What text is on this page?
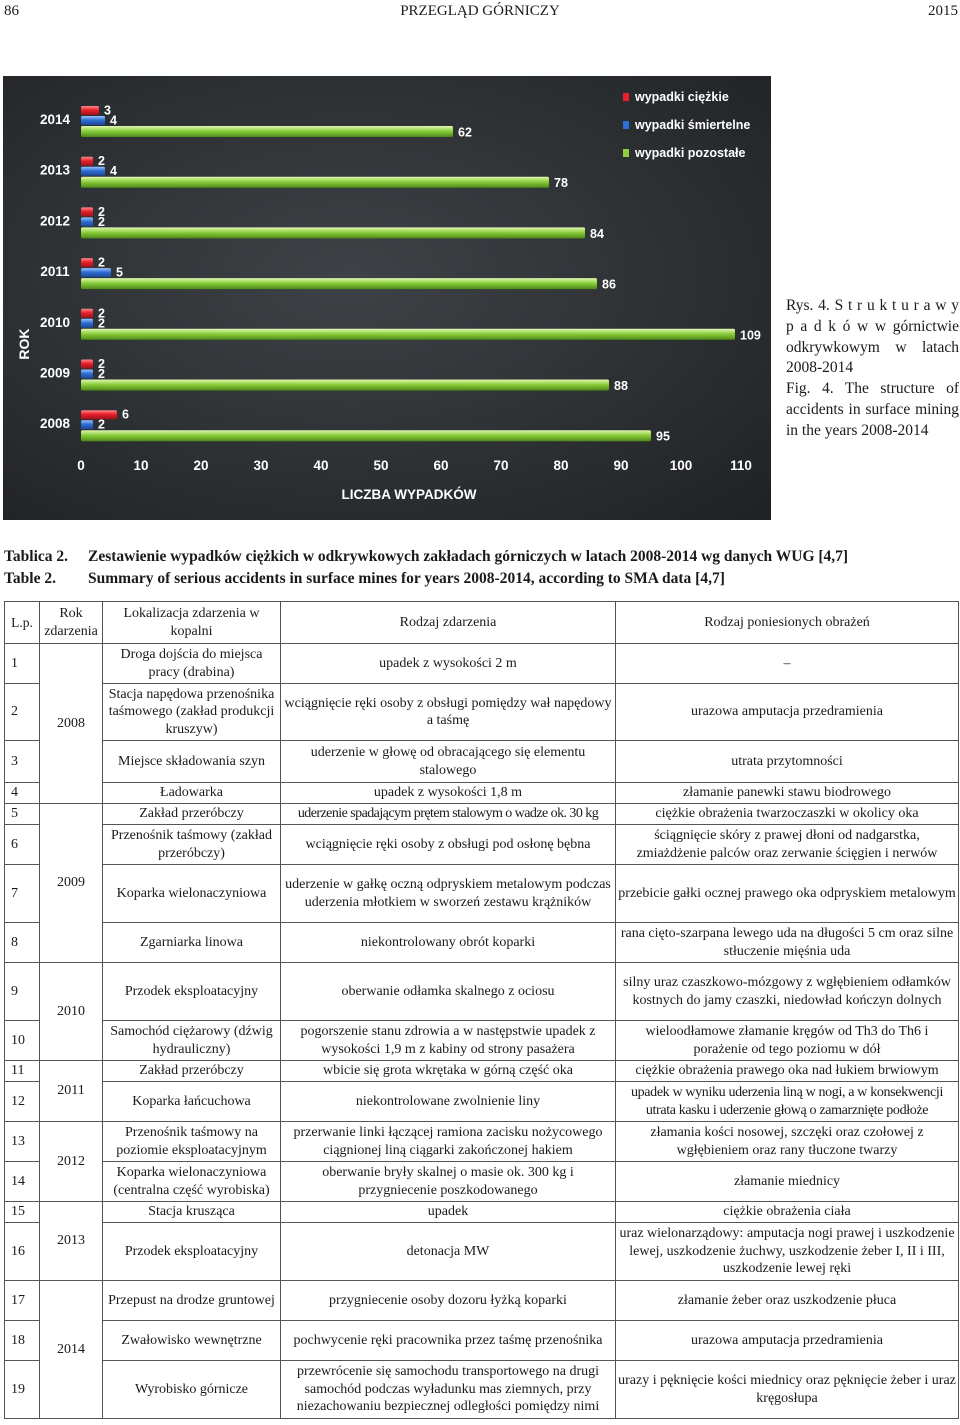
PRZEGLĄD GÓRNICZY
86	2015
2014
3
4
62
2013
2
4
78
2012
2
2
84
2011
2
5
86
2010
2
2
109
2009
2
2
88
2008
6
2
95
0	10	20	30	40	50	60	70	80	90	100	110
wypadki ciężkie
wypadki śmiertelne
wypadki pozostałe
ROK
LICZBA WYPADKÓW
Rys. 4. S t r u k t u r a w y p a d k ó w w górnictwie odkrywkowym w latach 2008-2014
Fig. 4. The structure of accidents in surface mining in the years 2008-2014
Tablica 2.	Zestawienie wypadków ciężkich w odkrywkowych zakładach górniczych w latach 2008-2014 wg danych WUG [4,7]
Table 2.	Summary of serious accidents in surface mines for years 2008-2014, according to SMA data [4,7]
L.p.	Rok zdarzenia	Lokalizacja zdarzenia w kopalni	Rodzaj zdarzenia	Rodzaj poniesionych obrażeń
1	2008	Droga dojścia do miejsca pracy (drabina)	upadek z wysokości 2 m	–
2		Stacja napędowa przenośnika taśmowego (zakład produkcji kruszyw)	wciągnięcie ręki osoby z obsługi pomiędzy wał napędowy a taśmę	urazowa amputacja przedramienia
3		Miejsce składowania szyn	uderzenie w głowę od obracającego się elementu stalowego	utrata przytomności
4		Ładowarka	upadek z wysokości 1,8 m	złamanie panewki stawu biodrowego
5	2009	Zakład przeróbczy	uderzenie spadającym prętem stalowym o wadze ok. 30 kg	ciężkie obrażenia twarzoczaszki w okolicy oka
6		Przenośnik taśmowy (zakład przeróbczy)	wciągnięcie ręki osoby z obsługi pod osłonę bębna	ściągnięcie skóry z prawej dłoni od nadgarstka, zmiażdżenie palców oraz zerwanie ścięgien i nerwów
7		Koparka wielonaczyniowa	uderzenie w gałkę oczną odpryskiem metalowym podczas uderzenia młotkiem w sworzeń zestawu krążników	przebicie gałki ocznej prawego oka odpryskiem metalowym
8		Zgarniarka linowa	niekontrolowany obrót koparki	rana cięto-szarpana lewego uda na długości 5 cm oraz silne stłuczenie mięśnia uda
9	2010	Przodek eksploatacyjny	oberwanie odłamka skalnego z ociosu	silny uraz czaszkowo-mózgowy z wgłębieniem odłamków kostnych do jamy czaszki, niedowład kończyn dolnych
10		Samochód ciężarowy (dźwig hydrauliczny)	pogorszenie stanu zdrowia a w następstwie upadek z wysokości 1,9 m z kabiny od strony pasażera	wieloodłamowe złamanie kręgów od Th3 do Th6 i porażenie od tego poziomu w dół
11	2011	Zakład przeróbczy	wbicie się grota wkrętaka w górną część oka	ciężkie obrażenia prawego oka nad łukiem brwiowym
12		Koparka łańcuchowa	niekontrolowane zwolnienie liny	upadek w wyniku uderzenia liną w nogi, a w konsekwencji utrata kasku i uderzenie głową o zamarznięte podłoże
13	2012	Przenośnik taśmowy na poziomie eksploatacyjnym	przerwanie linki łączącej ramiona zacisku nożycowego ciągnionej liną ciągarki zakończonej hakiem	złamania kości nosowej, szczęki oraz czołowej z wgłębieniem oraz rany tłuczone twarzy
14		Koparka wielonaczyniowa (centralna część wyrobiska)	oberwanie bryły skalnej o masie ok. 300 kg i przygniecenie poszkodowanego	złamanie miednicy
15	2013	Stacja krusząca	upadek	ciężkie obrażenia ciała
16		Przodek eksploatacyjny	detonacja MW	uraz wielonarządowy: amputacja nogi prawej i uszkodzenie lewej, uszkodzenie żuchwy, uszkodzenie żeber I, II i III, uszkodzenie lewej ręki
17	2014	Przepust na drodze gruntowej	przygniecenie osoby dozoru łyżką koparki	złamanie żeber oraz uszkodzenie płuca
18		Zwałowisko wewnętrzne	pochwycenie ręki pracownika przez taśmę przenośnika	urazowa amputacja przedramienia
19		Wyrobisko górnicze	przewrócenie się samochodu transportowego na drugi samochód podczas wyładunku mas ziemnych, przy niezachowaniu bezpiecznej odległości pomiędzy nimi	urazy i pęknięcie kości miednicy oraz pęknięcie żeber i uraz kręgosłupa
